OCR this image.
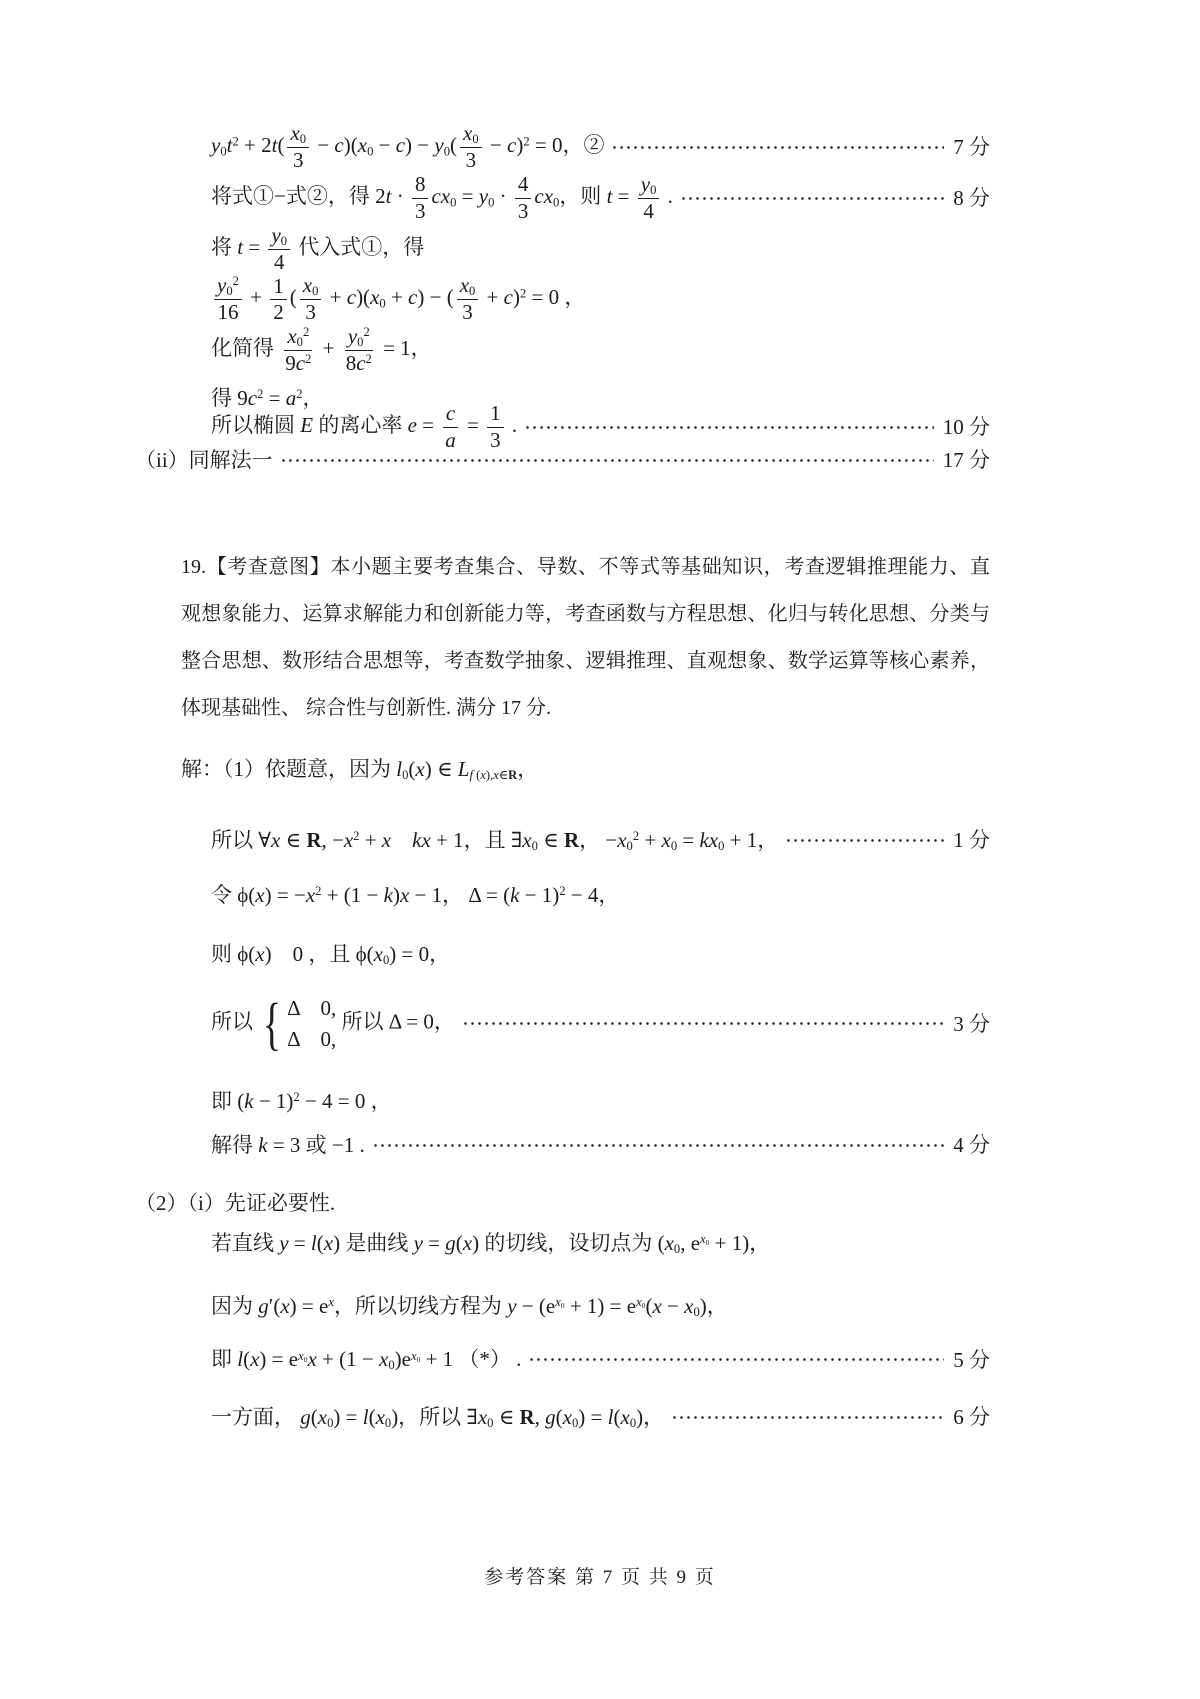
$y0t^2 + 2t( \frac{x0}{3} - c)(x0 - c) - y0( \frac{x0}{3} - c)^2 = 0$，②	7 分
将式①−式②，得 $2t \cdot \frac{8}{3} cx0 = y0 \cdot \frac{4}{3} cx0$，则 $t = \frac{y0}{4}$ .	8 分
将 $t = \frac{y0}{4}$ 代入式①，得
$\frac{y0^2}{16} + \frac{1}{2}$ ( $\frac{x0}{3} + c)(x0 + c)$ − ( $\frac{x0}{3} + c)^2 = 0$ ，
化简得 $\frac{x0^2}{9c^2} + \frac{y0^2}{8c^2} = 1$，
得 $9c^2 = a^2$，
所以椭圆 E 的离心率 $e = \frac{c}{a} = \frac{1}{3}$ .	10 分
（ii）同解法一	17 分

19.【考查意图】本小题主要考查集合、导数、不等式等基础知识，考查逻辑推理能力、直

观想象能力、运算求解能力和创新能力等，考查函数与方程思想、化归与转化思想、分类与

整合思想、数形结合思想等，考查数学抽象、逻辑推理、直观想象、数学运算等核心素养，

体现基础性、 综合性与创新性. 满分 17 分.

解：（1）依题意，因为 l0(x) ∈ Lf (x),x∈R，
所以 ∀x ∈ R, $-x^2 + x$　 kx + 1，且 ∃x0 ∈ R， $-x0^2 + x0 = kx0 + 1$，	1 分
令 $\phi(x) = -x^2 + (1 - k)x - 1$， $\Delta = (k - 1)^2 - 4$，
则 ϕ(x)　0 ，且 ϕ(x0) = 0，
所以 { Δ　0,
Δ　0,
所以 Δ = 0，	3 分
即 $(k - 1)^2 - 4 = 0$ ，
解得 k = 3 或 −1 .	4 分
（2）（i）先证必要性.
若直线 y = l(x) 是曲线 y = g(x) 的切线，设切点为 (x0, $e^{x0} + 1$)，
因为 $g'(x) = e^x$，所以切线方程为 $y - (e^{x0} + 1) = e^{x0}(x - x0)$，
即 $l(x) = e^{x0}x + (1 - x0)e^{x0} + 1$ （*） .	5 分
一方面， g(x0) = l(x0)，所以 ∃x0 ∈ R, g(x0) = l(x0)，	6 分
参考答案 第 7 页 共 9 页
